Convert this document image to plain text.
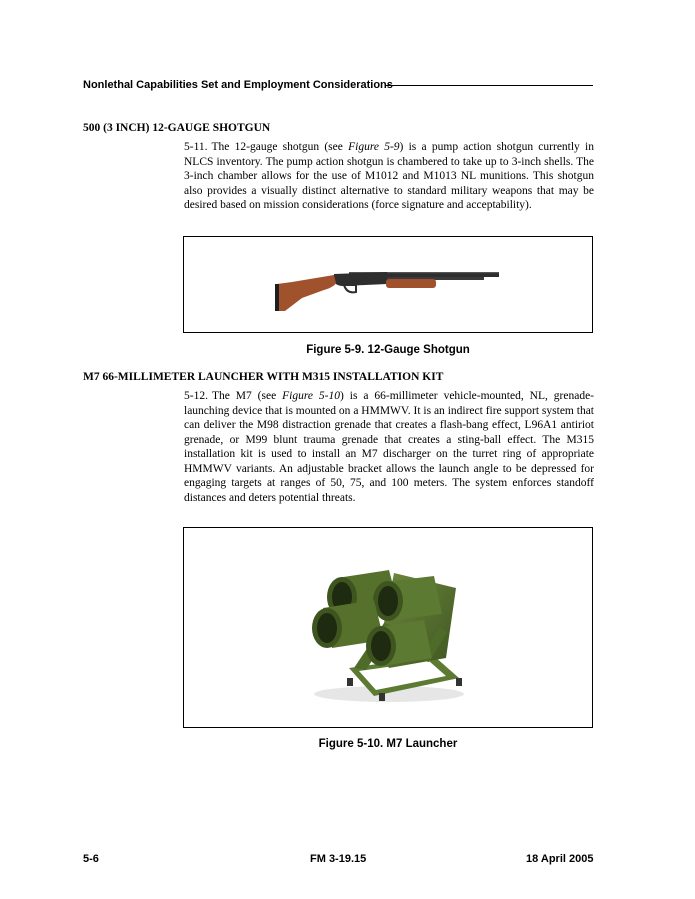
Nonlethal Capabilities Set and Employment Considerations
500 (3 INCH) 12-GAUGE SHOTGUN
5-11. The 12-gauge shotgun (see Figure 5-9) is a pump action shotgun currently in NLCS inventory. The pump action shotgun is chambered to take up to 3-inch shells. The 3-inch chamber allows for the use of M1012 and M1013 NL munitions. This shotgun also provides a visually distinct alternative to standard military weapons that may be desired based on mission considerations (force signature and acceptability).
Figure 5-9. 12-Gauge Shotgun
M7 66-MILLIMETER LAUNCHER WITH M315 INSTALLATION KIT
5-12. The M7 (see Figure 5-10) is a 66-millimeter vehicle-mounted, NL, grenade-launching device that is mounted on a HMMWV. It is an indirect fire support system that can deliver the M98 distraction grenade that creates a flash-bang effect, L96A1 antiriot grenade, or M99 blunt trauma grenade that creates a sting-ball effect. The M315 installation kit is used to install an M7 discharger on the turret ring of appropriate HMMWV variants. An adjustable bracket allows the launch angle to be depressed for engaging targets at ranges of 50, 75, and 100 meters. The system enforces standoff distances and deters potential threats.
Figure 5-10. M7 Launcher
5-6	FM 3-19.15	18 April 2005
